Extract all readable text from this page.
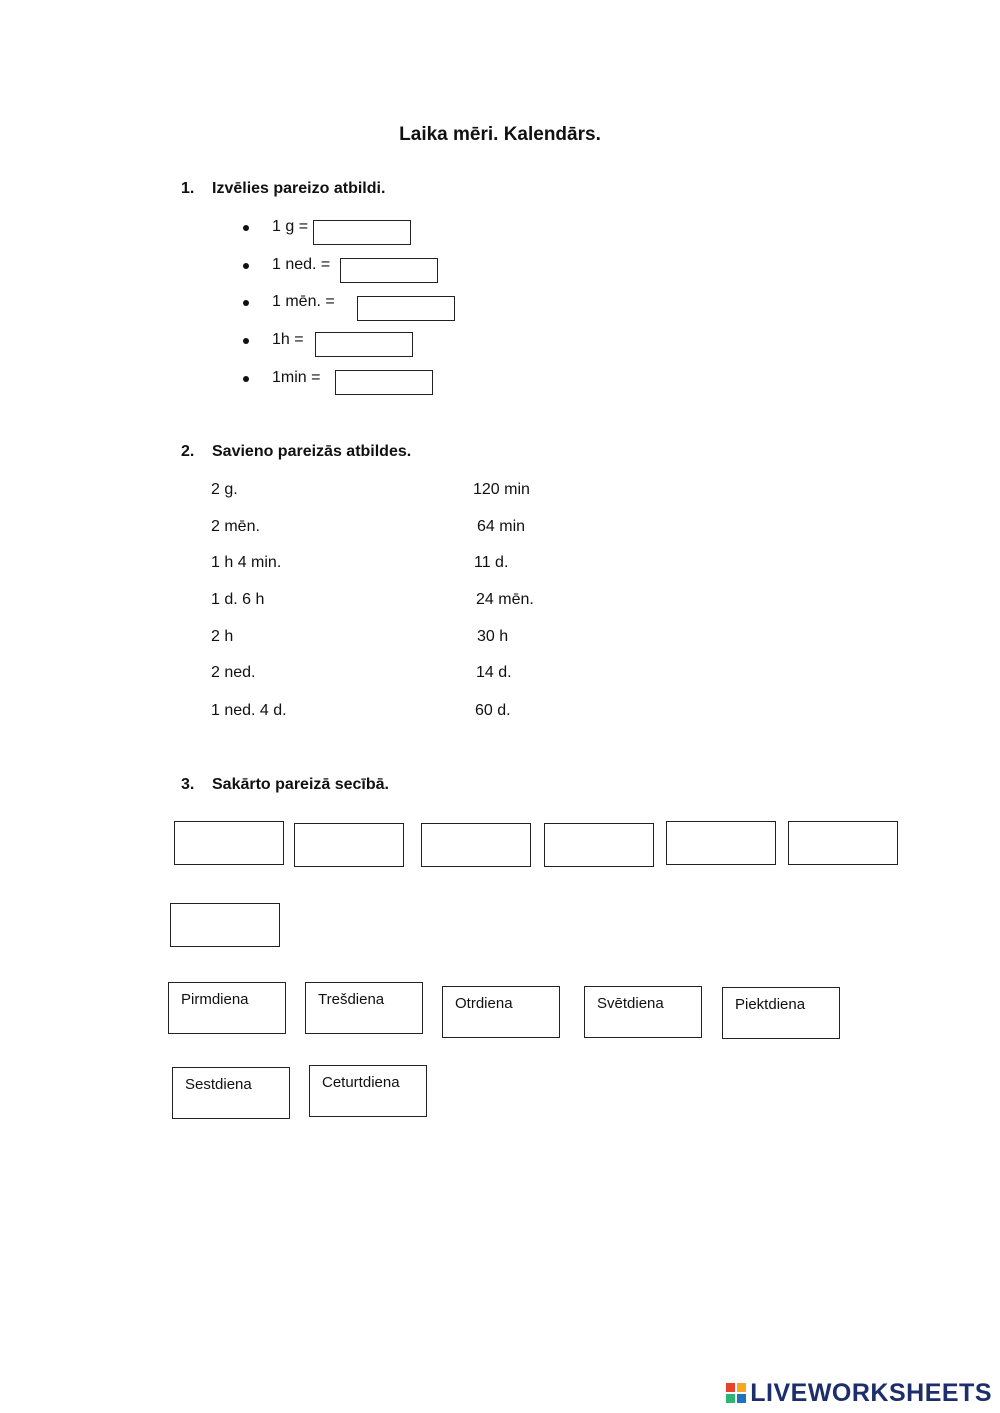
Laika mēri. Kalendārs.
1. Izvēlies pareizo atbildi.
1 g =
1 ned. =
1 mēn. =
1h =
1min =
2. Savieno pareizās atbildes.
2 g.	120 min
2 mēn.	64 min
1 h 4 min.	11 d.
1 d. 6 h	24 mēn.
2 h	30 h
2 ned.	14 d.
1 ned. 4 d.	60 d.
3. Sakārto pareizā secībā.
Pirmdiena	Trešdiena	Otrdiena	Svētdiena	Piektdiena
Sestdiena	Ceturtdiena
LIVEWORKSHEETS
